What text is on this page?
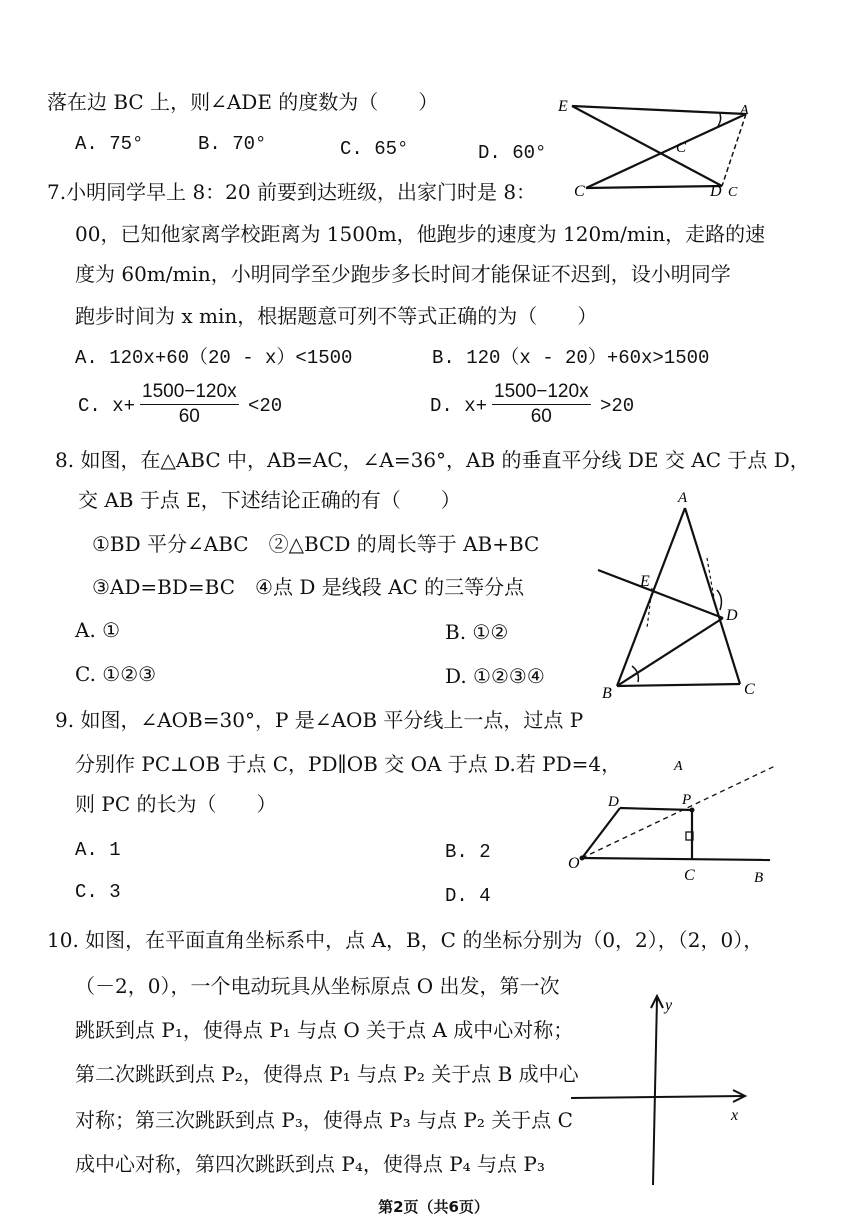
落在边 BC 上，则∠ADE 的度数为（　　）
A. 75°	B. 70°	C. 65°	D. 60°
E	A
C
C	D C
7.小明同学早上 8：20 前要到达班级，出家门时是 8：
00，已知他家离学校距离为 1500m，他跑步的速度为 120m/min，走路的速
度为 60m/min，小明同学至少跑步多长时间才能保证不迟到，设小明同学
跑步时间为 x min，根据题意可列不等式正确的为（　　）
A. 120x+60（20 - x）<1500	B. 120（x - 20）+60x>1500
C. $x+ \frac{1500-120x}{60} <20$	D. $x+ \frac{1500-120x}{60} >20$
8. 如图，在△ABC 中，AB=AC，∠A=36°，AB 的垂直平分线 DE 交 AC 于点 D，
交 AB 于点 E，下述结论正确的有（　　）
①BD 平分∠ABC　②△BCD 的周长等于 AB+BC
③AD=BD=BC　④点 D 是线段 AC 的三等分点
A. ①	B. ①②
C. ①②③	D. ①②③④
A
E
D
B	C
9. 如图，∠AOB=30°，P 是∠AOB 平分线上一点，过点 P
分别作 PC⊥OB 于点 C，PD∥OB 交 OA 于点 D.若 PD=4，
则 PC 的长为（　　）
A. 1	B. 2
C. 3	D. 4
A
D	P
O
C	B
10. 如图，在平面直角坐标系中，点 A，B，C 的坐标分别为（0，2），（2，0），
（－2，0），一个电动玩具从坐标原点 O 出发，第一次
跳跃到点 P₁，使得点 P₁ 与点 O 关于点 A 成中心对称；
第二次跳跃到点 P₂，使得点 P₁ 与点 P₂ 关于点 B 成中心
对称；第三次跳跃到点 P₃，使得点 P₃ 与点 P₂ 关于点 C
成中心对称，第四次跳跃到点 P₄，使得点 P₄ 与点 P₃
y
x
第2页（共6页）
